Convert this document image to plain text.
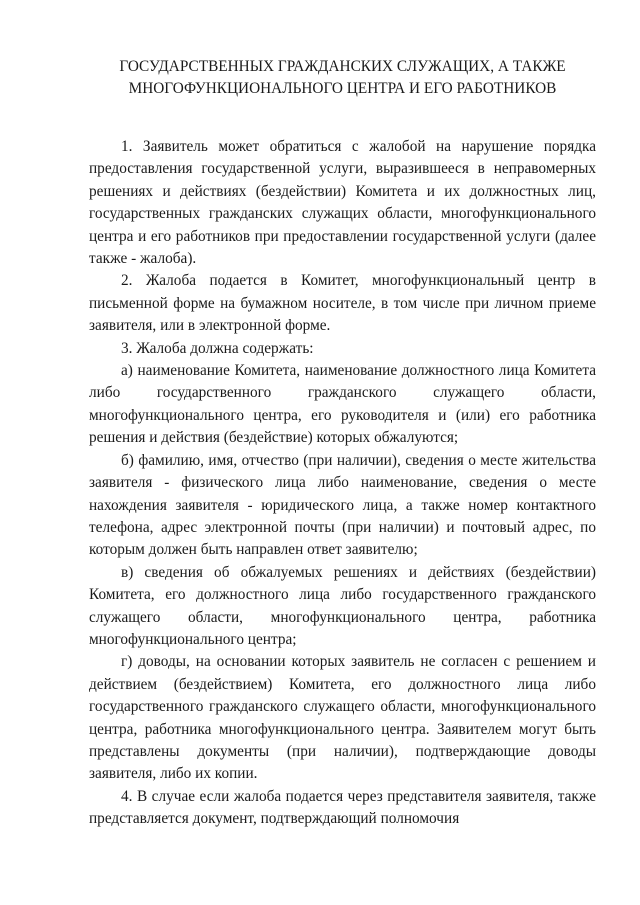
ГОСУДАРСТВЕННЫХ ГРАЖДАНСКИХ СЛУЖАЩИХ, А ТАКЖЕ
МНОГОФУНКЦИОНАЛЬНОГО ЦЕНТРА И ЕГО РАБОТНИКОВ

1. Заявитель может обратиться с жалобой на нарушение порядка предоставления государственной услуги, выразившееся в неправомерных решениях и действиях (бездействии) Комитета и их должностных лиц, государственных гражданских служащих области, многофункционального центра и его работников при предоставлении государственной услуги (далее также - жалоба).

2. Жалоба подается в Комитет, многофункциональный центр в письменной форме на бумажном носителе, в том числе при личном приеме заявителя, или в электронной форме.

3. Жалоба должна содержать:

а) наименование Комитета, наименование должностного лица Комитета либо государственного гражданского служащего области, многофункционального центра, его руководителя и (или) его работника решения и действия (бездействие) которых обжалуются;

б) фамилию, имя, отчество (при наличии), сведения о месте жительства заявителя - физического лица либо наименование, сведения о месте нахождения заявителя - юридического лица, а также номер контактного телефона, адрес электронной почты (при наличии) и почтовый адрес, по которым должен быть направлен ответ заявителю;

в) сведения об обжалуемых решениях и действиях (бездействии) Комитета, его должностного лица либо государственного гражданского служащего области, многофункционального центра, работника многофункционального центра;

г) доводы, на основании которых заявитель не согласен с решением и действием (бездействием) Комитета, его должностного лица либо государственного гражданского служащего области, многофункционального центра, работника многофункционального центра. Заявителем могут быть представлены документы (при наличии), подтверждающие доводы заявителя, либо их копии.

4. В случае если жалоба подается через представителя заявителя, также представляется документ, подтверждающий полномочия
